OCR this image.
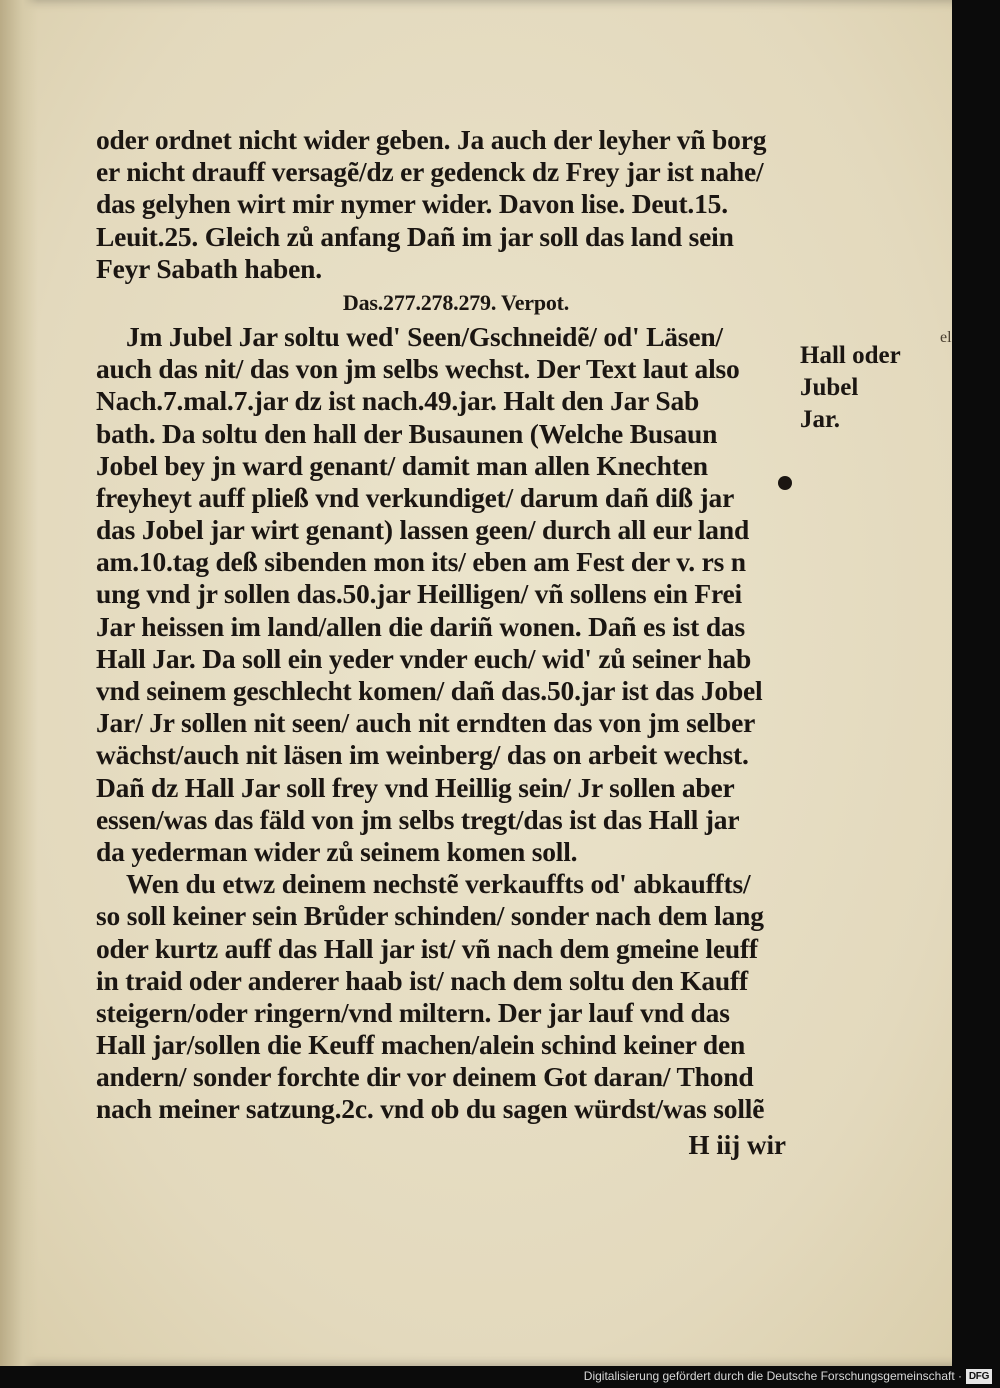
oder ordnet nicht wider geben. Ja auch der leyher vñ borg
er nicht drauff versagẽ/dz er gedenck dz Frey jar ist nahe/
das gelyhen wirt mir nymer wider. Davon lise. Deut.15.
Leuit.25. Gleich zů anfang Dañ im jar soll das land sein
Feyr Sabath haben.
Das.277.278.279. Verpot.
Jm Jubel Jar soltu wed' Seen/Gschneidẽ/ od' Läsen/
auch das nit/ das von jm selbs wechst. Der Text laut also
Nach.7.mal.7.jar dz ist nach.49.jar. Halt den Jar Sab
bath. Da soltu den hall der Busaunen (Welche Busaun
Jobel bey jn ward genant/ damit man allen Knechten
freyheyt auff pließ vnd verkundiget/ darum dañ diß jar
das Jobel jar wirt genant) lassen geen/ durch all eur land
am.10.tag deß sibenden mon its/ eben am Fest der v. rs n
ung vnd jr sollen das.50.jar Heilligen/ vñ sollens ein Frei
Jar heissen im land/allen die dariñ wonen. Dañ es ist das
Hall Jar. Da soll ein yeder vnder euch/ wid' zů seiner hab
vnd seinem geschlecht komen/ dañ das.50.jar ist das Jobel
Jar/ Jr sollen nit seen/ auch nit erndten das von jm selber
wächst/auch nit läsen im weinberg/ das on arbeit wechst.
Dañ dz Hall Jar soll frey vnd Heillig sein/ Jr sollen aber
essen/was das fäld von jm selbs tregt/das ist das Hall jar
da yederman wider zů seinem komen soll.
Wen du etwz deinem nechstẽ verkauffts od' abkauffts/
so soll keiner sein Brůder schinden/ sonder nach dem lang
oder kurtz auff das Hall jar ist/ vñ nach dem gmeine leuff
in traid oder anderer haab ist/ nach dem soltu den Kauff
steigern/oder ringern/vnd miltern. Der jar lauf vnd das
Hall jar/sollen die Keuff machen/alein schind keiner den
andern/ sonder forchte dir vor deinem Got daran/ Thond
nach meiner satzung.2c. vnd ob du sagen würdst/was sollẽ
el
Hall oder Jubel
Jar.
H iij wir
Digitalisierung gefördert durch die Deutsche Forschungsgemeinschaft · DFG
